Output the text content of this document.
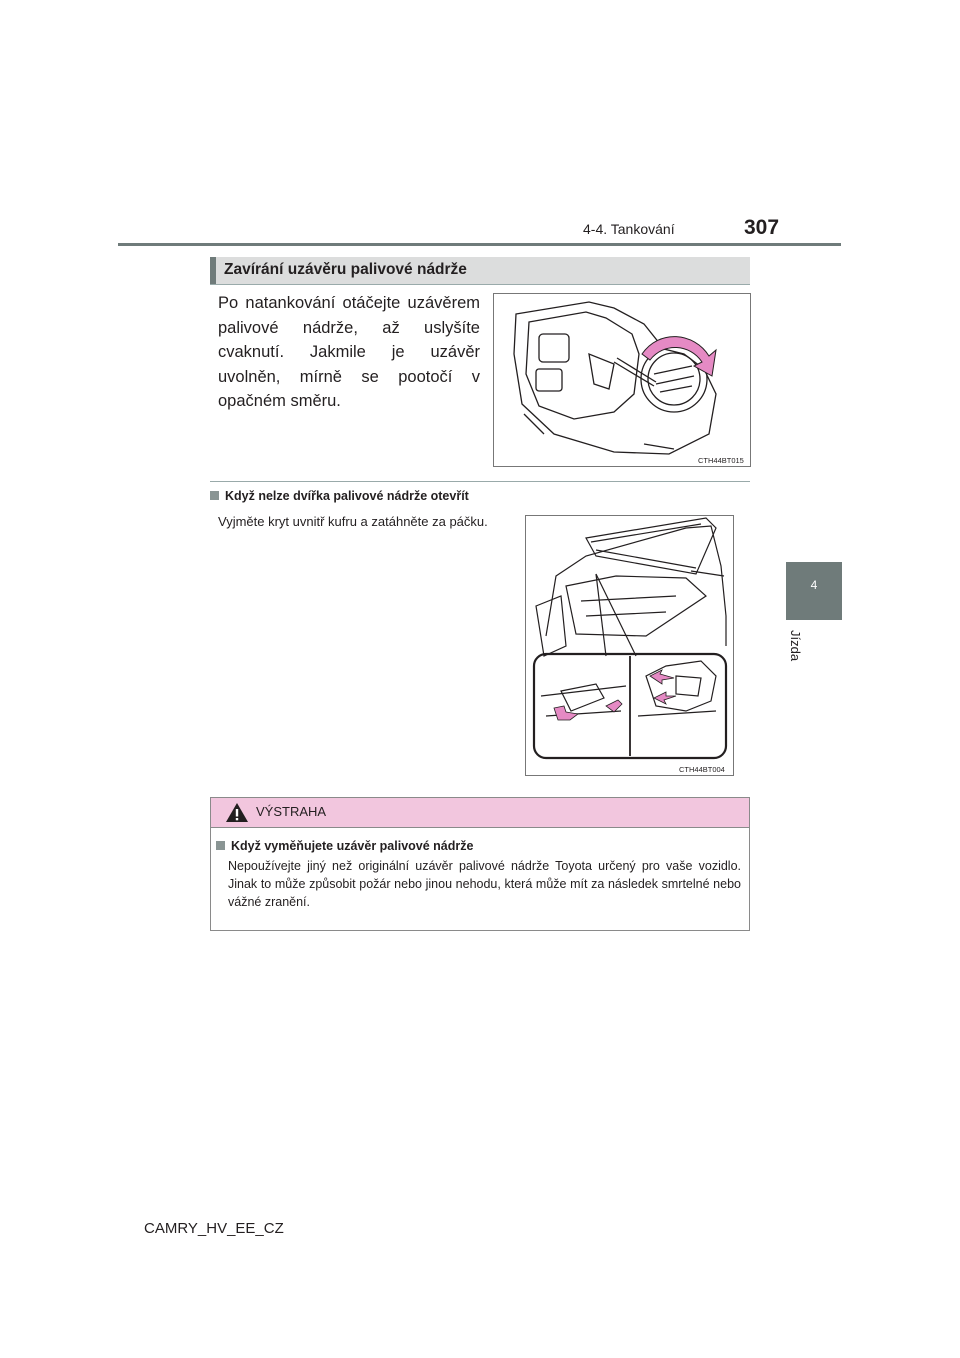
4-4. Tankování	307
4
Jízda
Zavírání uzávěru palivové nádrže
Po natankování otáčejte uzávěrem palivové nádrže, až uslyšíte cvaknutí. Jakmile je uzávěr uvolněn, mírně se pootočí v opačném směru.
CTH44BT015
Když nelze dvířka palivové nádrže otevřít
Vyjměte kryt uvnitř kufru a zatáhněte za páčku.
CTH44BT004
VÝSTRAHA
Když vyměňujete uzávěr palivové nádrže
Nepoužívejte jiný než originální uzávěr palivové nádrže Toyota určený pro vaše vozidlo. Jinak to může způsobit požár nebo jinou nehodu, která může mít za následek smrtelné nebo vážné zranění.
CAMRY_HV_EE_CZ
